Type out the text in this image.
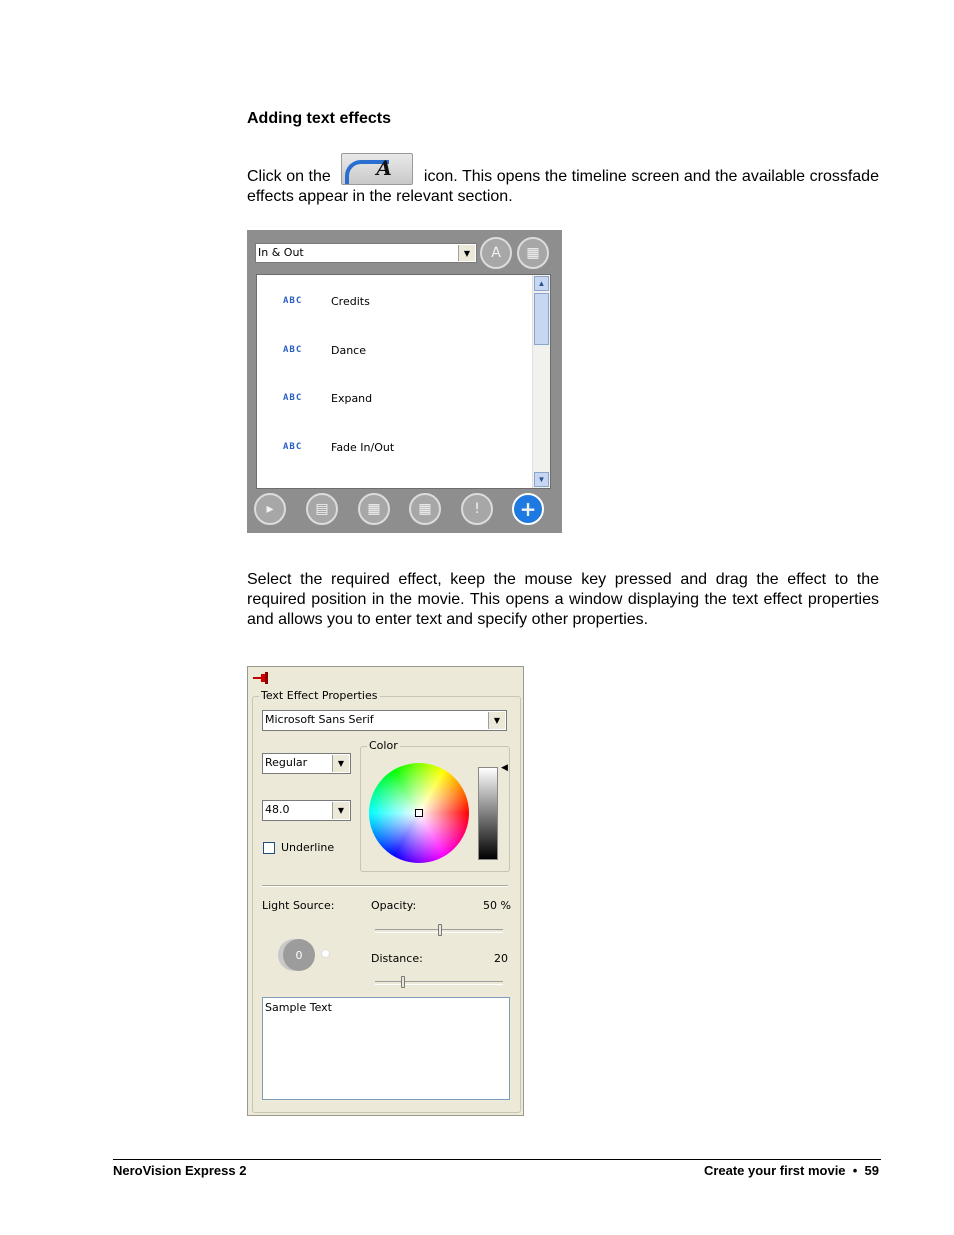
Adding text effects
Click on the A icon. This opens the timeline screen and the available crossfade effects appear in the relevant section.
In & Out	▼	A	▦
ABC	Credits
ABC	Dance
ABC	Expand
ABC	Fade In/Out
▲
▼
▸	▤	▦	▦	!	+
Select the required effect, keep the mouse key pressed and drag the effect to the required position in the movie. This opens a window displaying the text effect properties and allows you to enter text and specify other properties.
Text Effect Properties
Microsoft Sans Serif	▼
Regular	▼
48.0	▼
Underline
Color
◀
Light Source:
0
Opacity:	50 %
Distance:	20
Sample Text
NeroVision Express 2	Create your first movie  •  59
